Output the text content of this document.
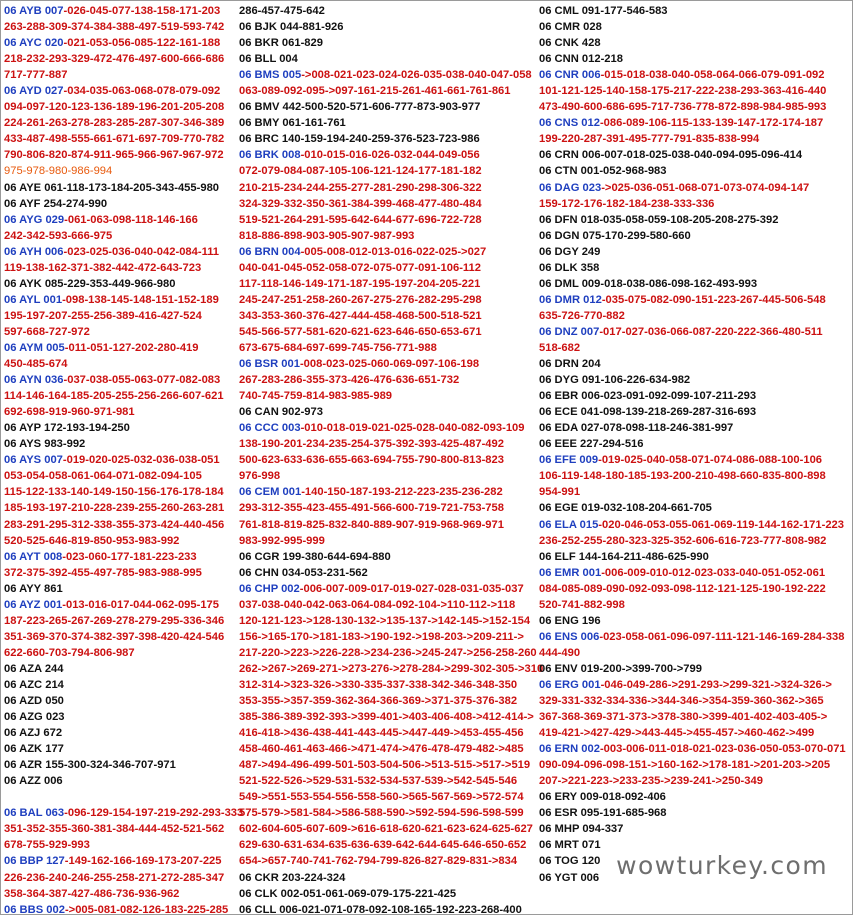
06 AYB 007-026-045-077-138-158-171-203
263-288-309-374-384-388-497-519-593-742
06 AYC 020-021-053-056-085-122-161-188
218-232-293-329-472-476-497-600-666-686
717-777-887
06 AYD 027-034-035-063-068-078-079-092
094-097-120-123-136-189-196-201-205-208
224-261-263-278-283-285-287-307-346-389
433-487-498-555-661-671-697-709-770-782
790-806-820-874-911-965-966-967-967-972
975-978-980-986-994
06 AYE 061-118-173-184-205-343-455-980
06 AYF 254-274-990
06 AYG 029-061-063-098-118-146-166
242-342-593-666-975
06 AYH 006-023-025-036-040-042-084-111
119-138-162-371-382-442-472-643-723
06 AYK 085-229-353-449-966-980
06 AYL 001-098-138-145-148-151-152-189
195-197-207-255-256-389-416-427-524
597-668-727-972
06 AYM 005-011-051-127-202-280-419
450-485-674
06 AYN 036-037-038-055-063-077-082-083
114-146-164-185-205-255-256-266-607-621
692-698-919-960-971-981
06 AYP 172-193-194-250
06 AYS 983-992
06 AYS 007-019-020-025-032-036-038-051
053-054-058-061-064-071-082-094-105
115-122-133-140-149-150-156-176-178-184
185-193-197-210-228-239-255-260-263-281
283-291-295-312-338-355-373-424-440-456
520-525-646-819-850-953-983-992
06 AYT 008-023-060-177-181-223-233
372-375-392-455-497-785-983-988-995
06 AYY 861
06 AYZ 001-013-016-017-044-062-095-175
187-223-265-267-269-278-279-295-336-346
351-369-370-374-382-397-398-420-424-546
622-660-703-794-806-987
06 AZA 244
06 AZC 214
06 AZD 050
06 AZG 023
06 AZJ 672
06 AZK 177
06 AZR 155-300-324-346-707-971
06 AZZ 006
06 BAL 063-096-129-154-197-219-292-293-333
351-352-355-360-381-384-444-452-521-562
678-755-929-993
06 BBP 127-149-162-166-169-173-207-225
226-236-240-246-255-258-271-272-285-347
358-364-387-427-486-736-936-962
06 BBS 002->005-081-082-126-183-225-285
286-457-475-642
06 BJK 044-881-926
06 BKR 061-829
06 BLL 004
06 BMS 005->008-021-023-024-026-035-038-040-047-058
063-089-092-095->097-161-215-261-461-661-761-861
06 BMV 442-500-520-571-606-777-873-903-977
06 BMY 061-161-761
06 BRC 140-159-194-240-259-376-523-723-986
06 BRK 008-010-015-016-026-032-044-049-056
072-079-084-087-105-106-121-124-177-181-182
210-215-234-244-255-277-281-290-298-306-322
324-329-332-350-361-384-399-468-477-480-484
519-521-264-291-595-642-644-677-696-722-728
818-886-898-903-905-907-987-993
06 BRN 004-005-008-012-013-016-022-025->027
040-041-045-052-058-072-075-077-091-106-112
117-118-146-149-171-187-195-197-204-205-221
245-247-251-258-260-267-275-276-282-295-298
343-353-360-376-427-444-458-468-500-518-521
545-566-577-581-620-621-623-646-650-653-671
673-675-684-697-699-745-756-771-988
06 BSR 001-008-023-025-060-069-097-106-198
267-283-286-355-373-426-476-636-651-732
740-745-759-814-983-985-989
06 CAN 902-973
06 CCC 003-010-018-019-021-025-028-040-082-093-109
138-190-201-234-235-254-375-392-393-425-487-492
500-623-633-636-655-663-694-755-790-800-813-823
976-998
06 CEM 001-140-150-187-193-212-223-235-236-282
293-312-355-423-455-491-566-600-719-721-753-758
761-818-819-825-832-840-889-907-919-968-969-971
983-992-995-999
06 CGR 199-380-644-694-880
06 CHN 034-053-231-562
06 CHP 002-006-007-009-017-019-027-028-031-035-037
037-038-040-042-063-064-084-092-104->110-112->118
120-121-123->128-130-132->135-137->142-145->152-154
156->165-170->181-183->190-192->198-203->209-211->
217-220->223->226-228->234-236->245-247->256-258-260
262->267->269-271->273-276->278-284->299-302-305->310
312-314->323-326->330-335-337-338-342-346-348-350
353-355->357-359-362-364-366-369->371-375-376-382
385-386-389-392-393->399-401->403-406-408->412-414->
416-418->436-438-441-443-445->447-449->453-455-456
458-460-461-463-466->471-474->476-478-479-482->485
487->494-496-499-501-503-504-506->513-515->517->519
521-522-526->529-531-532-534-537-539->542-545-546
549->551-553-554-556-558-560->565-567-569->572-574
575-579->581-584->586-588-590->592-594-596-598-599
602-604-605-607-609->616-618-620-621-623-624-625-627
629-630-631-634-635-636-639-642-644-645-646-650-652
654->657-740-741-762-794-799-826-827-829-831->834
06 CKR 203-224-324
06 CLK 002-051-061-069-079-175-221-425
06 CLL 006-021-071-078-092-108-165-192-223-268-400
06 CML 091-177-546-583
06 CMR 028
06 CNK 428
06 CNN 012-218
06 CNR 006-015-018-038-040-058-064-066-079-091-092
101-121-125-140-158-175-217-222-238-293-363-416-440
473-490-600-686-695-717-736-778-872-898-984-985-993
06 CNS 012-086-089-106-115-133-139-147-172-174-187
199-220-287-391-495-777-791-835-838-994
06 CRN 006-007-018-025-038-040-094-095-096-414
06 CTN 001-052-968-983
06 DAG 023->025-036-051-068-071-073-074-094-147
159-172-176-182-184-238-333-336
06 DFN 018-035-058-059-108-205-208-275-392
06 DGN 075-170-299-580-660
06 DGY 249
06 DLK 358
06 DML 009-018-038-086-098-162-493-993
06 DMR 012-035-075-082-090-151-223-267-445-506-548
635-726-770-882
06 DNZ 007-017-027-036-066-087-220-222-366-480-511
518-682
06 DRN 204
06 DYG 091-106-226-634-982
06 EBR 006-023-091-092-099-107-211-293
06 ECE 041-098-139-218-269-287-316-693
06 EDA 027-078-098-118-246-381-997
06 EEE 227-294-516
06 EFE 009-019-025-040-058-071-074-086-088-100-106
106-119-148-180-185-193-200-210-498-660-835-800-898
954-991
06 EGE 019-032-108-204-661-705
06 ELA 015-020-046-053-055-061-069-119-144-162-171-223
236-252-255-280-323-325-352-606-616-723-777-808-982
06 ELF 144-164-211-486-625-990
06 EMR 001-006-009-010-012-023-033-040-051-052-061
084-085-089-090-092-093-098-112-121-125-190-192-222
520-741-882-998
06 ENG 196
06 ENS 006-023-058-061-096-097-111-121-146-169-284-338
444-490
06 ENV 019-200->399-700->799
06 ERG 001-046-049-286->291-293->299-321->324-326->
329-331-332-334-336->344-346->354-359-360-362->365
367-368-369-371-373->378-380->399-401-402-403-405->
419-421->427-429->443-445->455-457->460-462->499
06 ERN 002-003-006-011-018-021-023-036-050-053-070-071
090-094-096-098-151->160-162->178-181->201-203->205
207->221-223->233-235->239-241->250-349
06 ERY 009-018-092-406
06 ESR 095-191-685-968
06 MHP 094-337
06 MRT 071
06 TOG 120
06 YGT 006 wowturkey.com
